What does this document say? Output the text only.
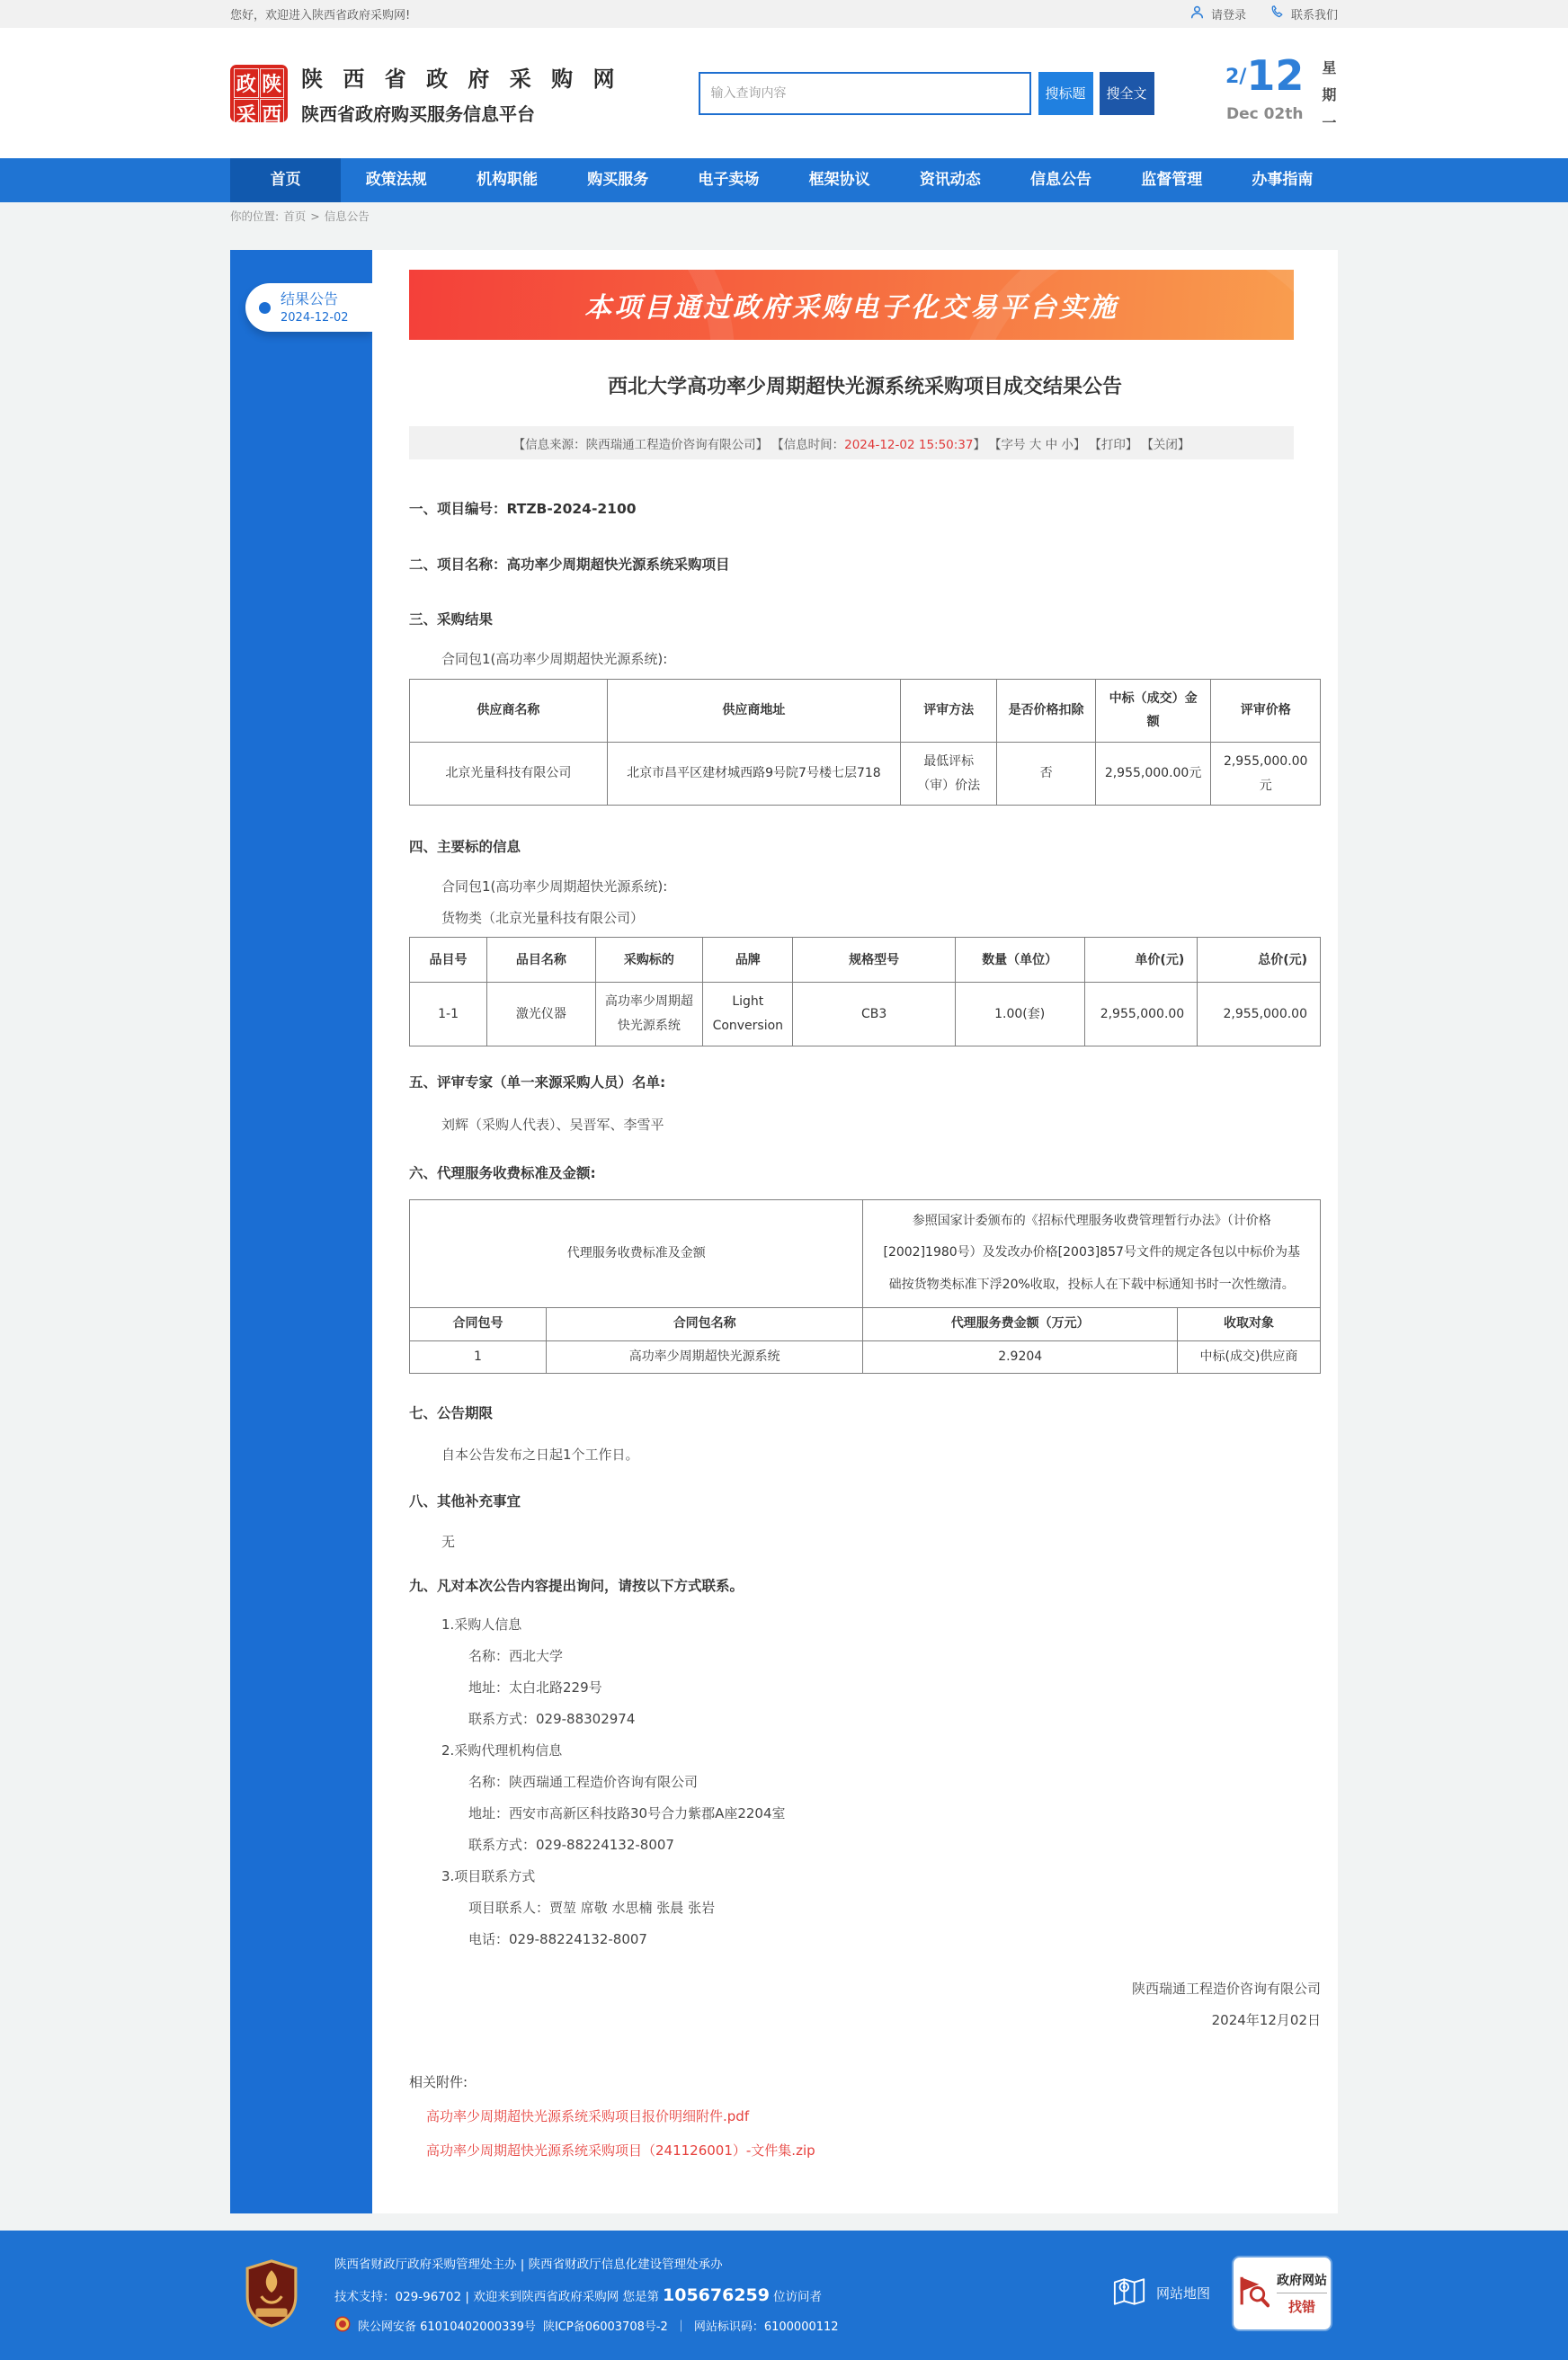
您好，欢迎进入陕西省政府采购网!	请登录	联系我们
政 陕
采 西
陕 西 省 政 府 采 购 网
陕西省政府购买服务信息平台
输入查询内容
搜标题	搜全文
2/12
Dec 02th
星期一
首页	政策法规	机构职能	购买服务	电子卖场	框架协议	资讯动态	信息公告	监督管理	办事指南
你的位置: 首页 > 信息公告
结果公告
2024-12-02	本项目通过政府采购电子化交易平台实施
西北大学高功率少周期超快光源系统采购项目成交结果公告
【信息来源：陕西瑞通工程造价咨询有限公司】 【信息时间：2024-12-02 15:50:37】 【字号 大 中 小】 【打印】 【关闭】
一、项目编号：RTZB-2024-2100
二、项目名称：高功率少周期超快光源系统采购项目
三、采购结果
合同包1(高功率少周期超快光源系统):
供应商名称	供应商地址	评审方法	是否价格扣除	中标（成交）金额	评审价格
北京光量科技有限公司	北京市昌平区建材城西路9号院7号楼七层718	最低评标（审）价法	否	2,955,000.00元	2,955,000.00元
四、主要标的信息
合同包1(高功率少周期超快光源系统):
货物类（北京光量科技有限公司）
品目号	品目名称	采购标的	品牌	规格型号	数量（单位）	单价(元)	总价(元)
1-1	激光仪器	高功率少周期超快光源系统	Light Conversion	CB3	1.00(套)	2,955,000.00	2,955,000.00
五、评审专家（单一来源采购人员）名单:
刘辉（采购人代表）、吴晋军、李雪平
六、代理服务收费标准及金额:
代理服务收费标准及金额		参照国家计委颁布的《招标代理服务收费管理暂行办法》（计价格[2002]1980号）及发改办价格[2003]857号文件的规定各包以中标价为基础按货物类标准下浮20%收取，投标人在下载中标通知书时一次性缴清。	
合同包号	合同包名称	代理服务费金额（万元）	收取对象
1	高功率少周期超快光源系统	2.9204	中标(成交)供应商
七、公告期限
自本公告发布之日起1个工作日。
八、其他补充事宜
无
九、凡对本次公告内容提出询问，请按以下方式联系。
1.采购人信息
名称：西北大学
地址：太白北路229号
联系方式：029-88302974
2.采购代理机构信息
名称：陕西瑞通工程造价咨询有限公司
地址：西安市高新区科技路30号合力紫郡A座2204室
联系方式：029-88224132-8007
3.项目联系方式
项目联系人：贾堃 席敬 水思楠 张晨 张岩
电话：029-88224132-8007
陕西瑞通工程造价咨询有限公司
2024年12月02日
相关附件:
高功率少周期超快光源系统采购项目报价明细附件.pdf
高功率少周期超快光源系统采购项目（241126001）-文件集.zip
陕西省财政厅政府采购管理处主办 | 陕西省财政厅信息化建设管理处承办
技术支持：029-96702 | 欢迎来到陕西省政府采购网 您是第 105676259 位访问者
陕公网安备 61010402000339号 陕ICP备06003708号-2 ｜ 网站标识码：6100000112
网站地图
政府网站
找错
